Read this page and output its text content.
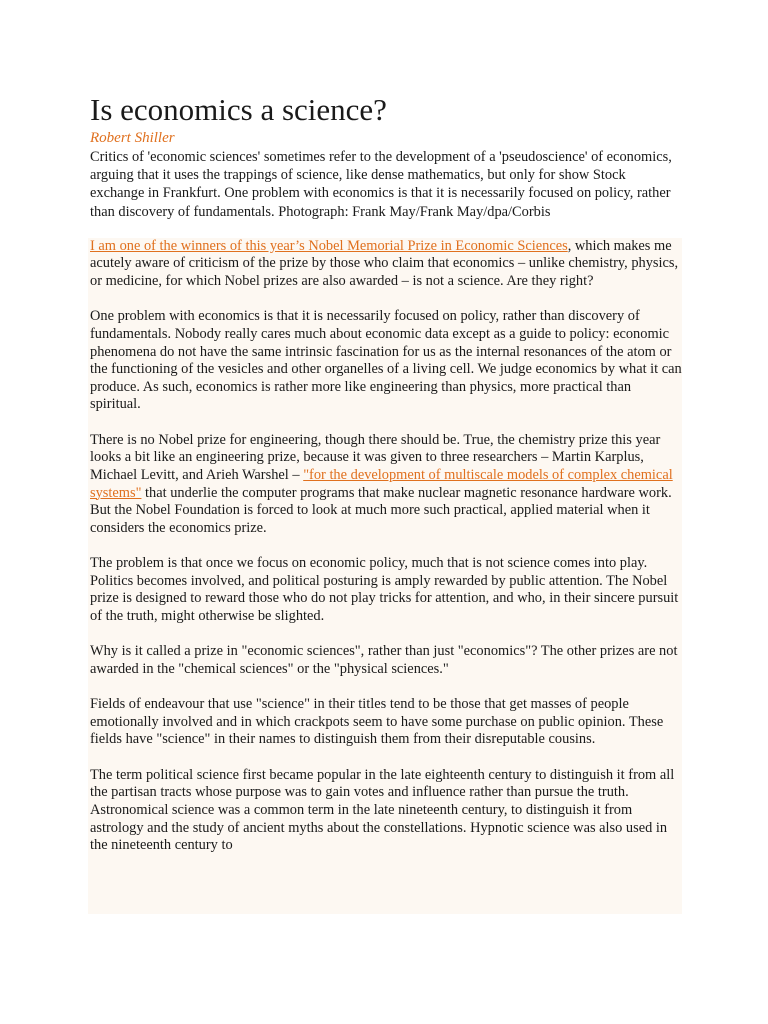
Is economics a science?
Robert Shiller
Critics of 'economic sciences' sometimes refer to the development of a 'pseudoscience' of economics, arguing that it uses the trappings of science, like dense mathematics, but only for show Stock exchange in Frankfurt. One problem with economics is that it is necessarily focused on policy, rather than discovery of fundamentals. Photograph: Frank May/Frank May/dpa/Corbis

I am one of the winners of this year’s Nobel Memorial Prize in Economic Sciences, which makes me acutely aware of criticism of the prize by those who claim that economics – unlike chemistry, physics, or medicine, for which Nobel prizes are also awarded – is not a science. Are they right?

One problem with economics is that it is necessarily focused on policy, rather than discovery of fundamentals. Nobody really cares much about economic data except as a guide to policy: economic phenomena do not have the same intrinsic fascination for us as the internal resonances of the atom or the functioning of the vesicles and other organelles of a living cell. We judge economics by what it can produce. As such, economics is rather more like engineering than physics, more practical than spiritual.

There is no Nobel prize for engineering, though there should be. True, the chemistry prize this year looks a bit like an engineering prize, because it was given to three researchers – Martin Karplus, Michael Levitt, and Arieh Warshel – "for the development of multiscale models of complex chemical systems" that underlie the computer programs that make nuclear magnetic resonance hardware work. But the Nobel Foundation is forced to look at much more such practical, applied material when it considers the economics prize.

The problem is that once we focus on economic policy, much that is not science comes into play. Politics becomes involved, and political posturing is amply rewarded by public attention. The Nobel prize is designed to reward those who do not play tricks for attention, and who, in their sincere pursuit of the truth, might otherwise be slighted.

Why is it called a prize in "economic sciences", rather than just "economics"? The other prizes are not awarded in the "chemical sciences" or the "physical sciences."

Fields of endeavour that use "science" in their titles tend to be those that get masses of people emotionally involved and in which crackpots seem to have some purchase on public opinion. These fields have "science" in their names to distinguish them from their disreputable cousins.

The term political science first became popular in the late eighteenth century to distinguish it from all the partisan tracts whose purpose was to gain votes and influence rather than pursue the truth. Astronomical science was a common term in the late nineteenth century, to distinguish it from astrology and the study of ancient myths about the constellations. Hypnotic science was also used in the nineteenth century to
